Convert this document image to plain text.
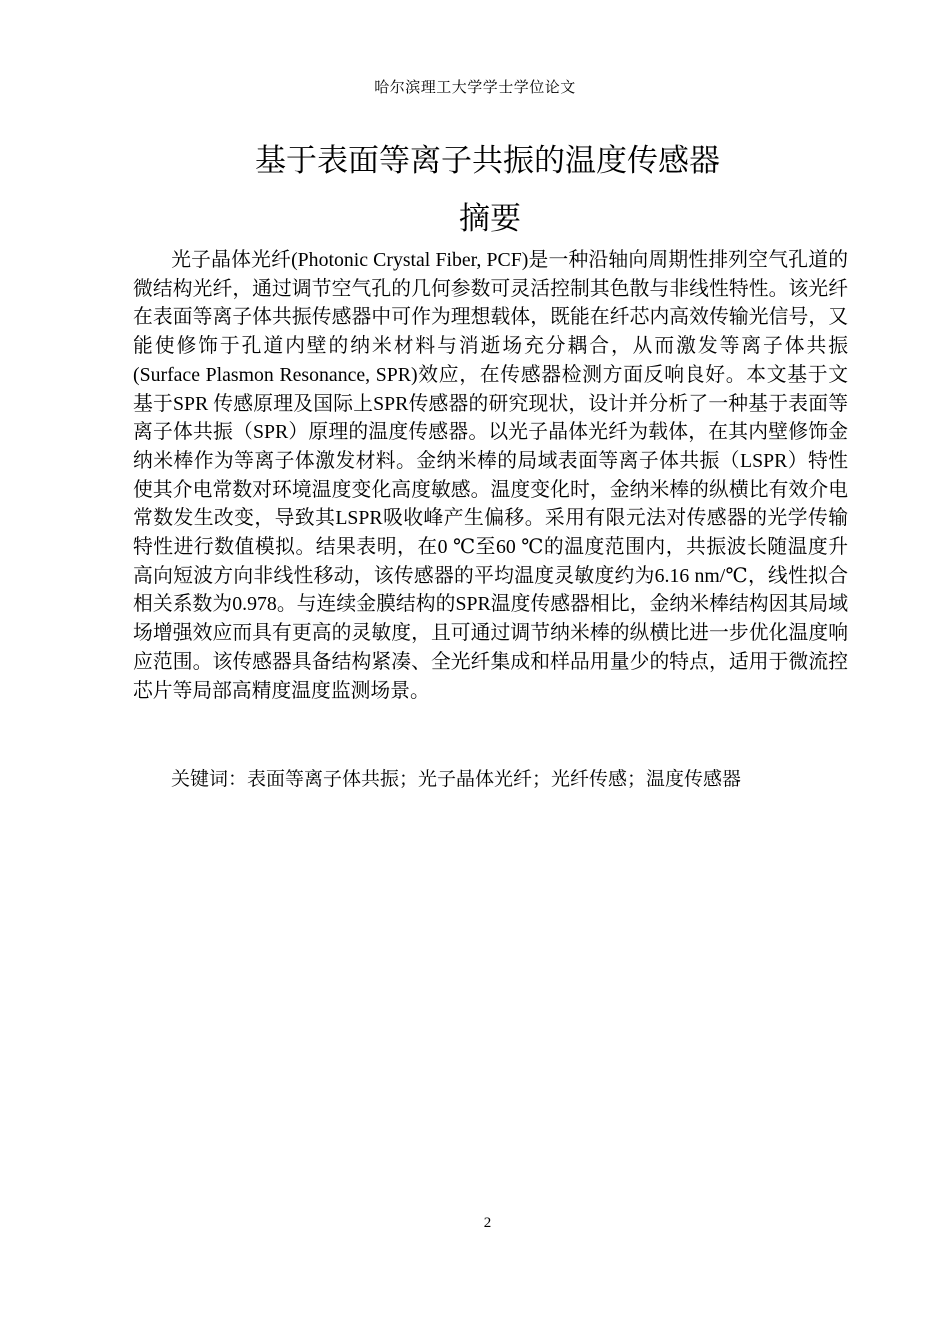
哈尔滨理工大学学士学位论文
基于表面等离子共振的温度传感器
摘要

光子晶体光纤(Photonic Crystal Fiber, PCF)是一种沿轴向周期性排列空气孔道的微结构光纤，通过调节空气孔的几何参数可灵活控制其色散与非线性特性。该光纤在表面等离子体共振传感器中可作为理想载体，既能在纤芯内高效传输光信号，又能使修饰于孔道内壁的纳米材料与消逝场充分耦合，从而激发等离子体共振(Surface Plasmon Resonance, SPR)效应，在传感器检测方面反响良好。本文基于文基于SPR 传感原理及国际上SPR传感器的研究现状，设计并分析了一种基于表面等离子体共振（SPR）原理的温度传感器。以光子晶体光纤为载体，在其内壁修饰金纳米棒作为等离子体激发材料。金纳米棒的局域表面等离子体共振（LSPR）特性使其介电常数对环境温度变化高度敏感。温度变化时，金纳米棒的纵横比有效介电常数发生改变，导致其LSPR吸收峰产生偏移。采用有限元法对传感器的光学传输特性进行数值模拟。结果表明，在0 ℃至60 ℃的温度范围内，共振波长随温度升高向短波方向非线性移动，该传感器的平均温度灵敏度约为6.16 nm/℃，线性拟合相关系数为0.978。与连续金膜结构的SPR温度传感器相比，金纳米棒结构因其局域场增强效应而具有更高的灵敏度，且可通过调节纳米棒的纵横比进一步优化温度响应范围。该传感器具备结构紧凑、全光纤集成和样品用量少的特点，适用于微流控芯片等局部高精度温度监测场景。

关键词：表面等离子体共振；光子晶体光纤；光纤传感；温度传感器

2
